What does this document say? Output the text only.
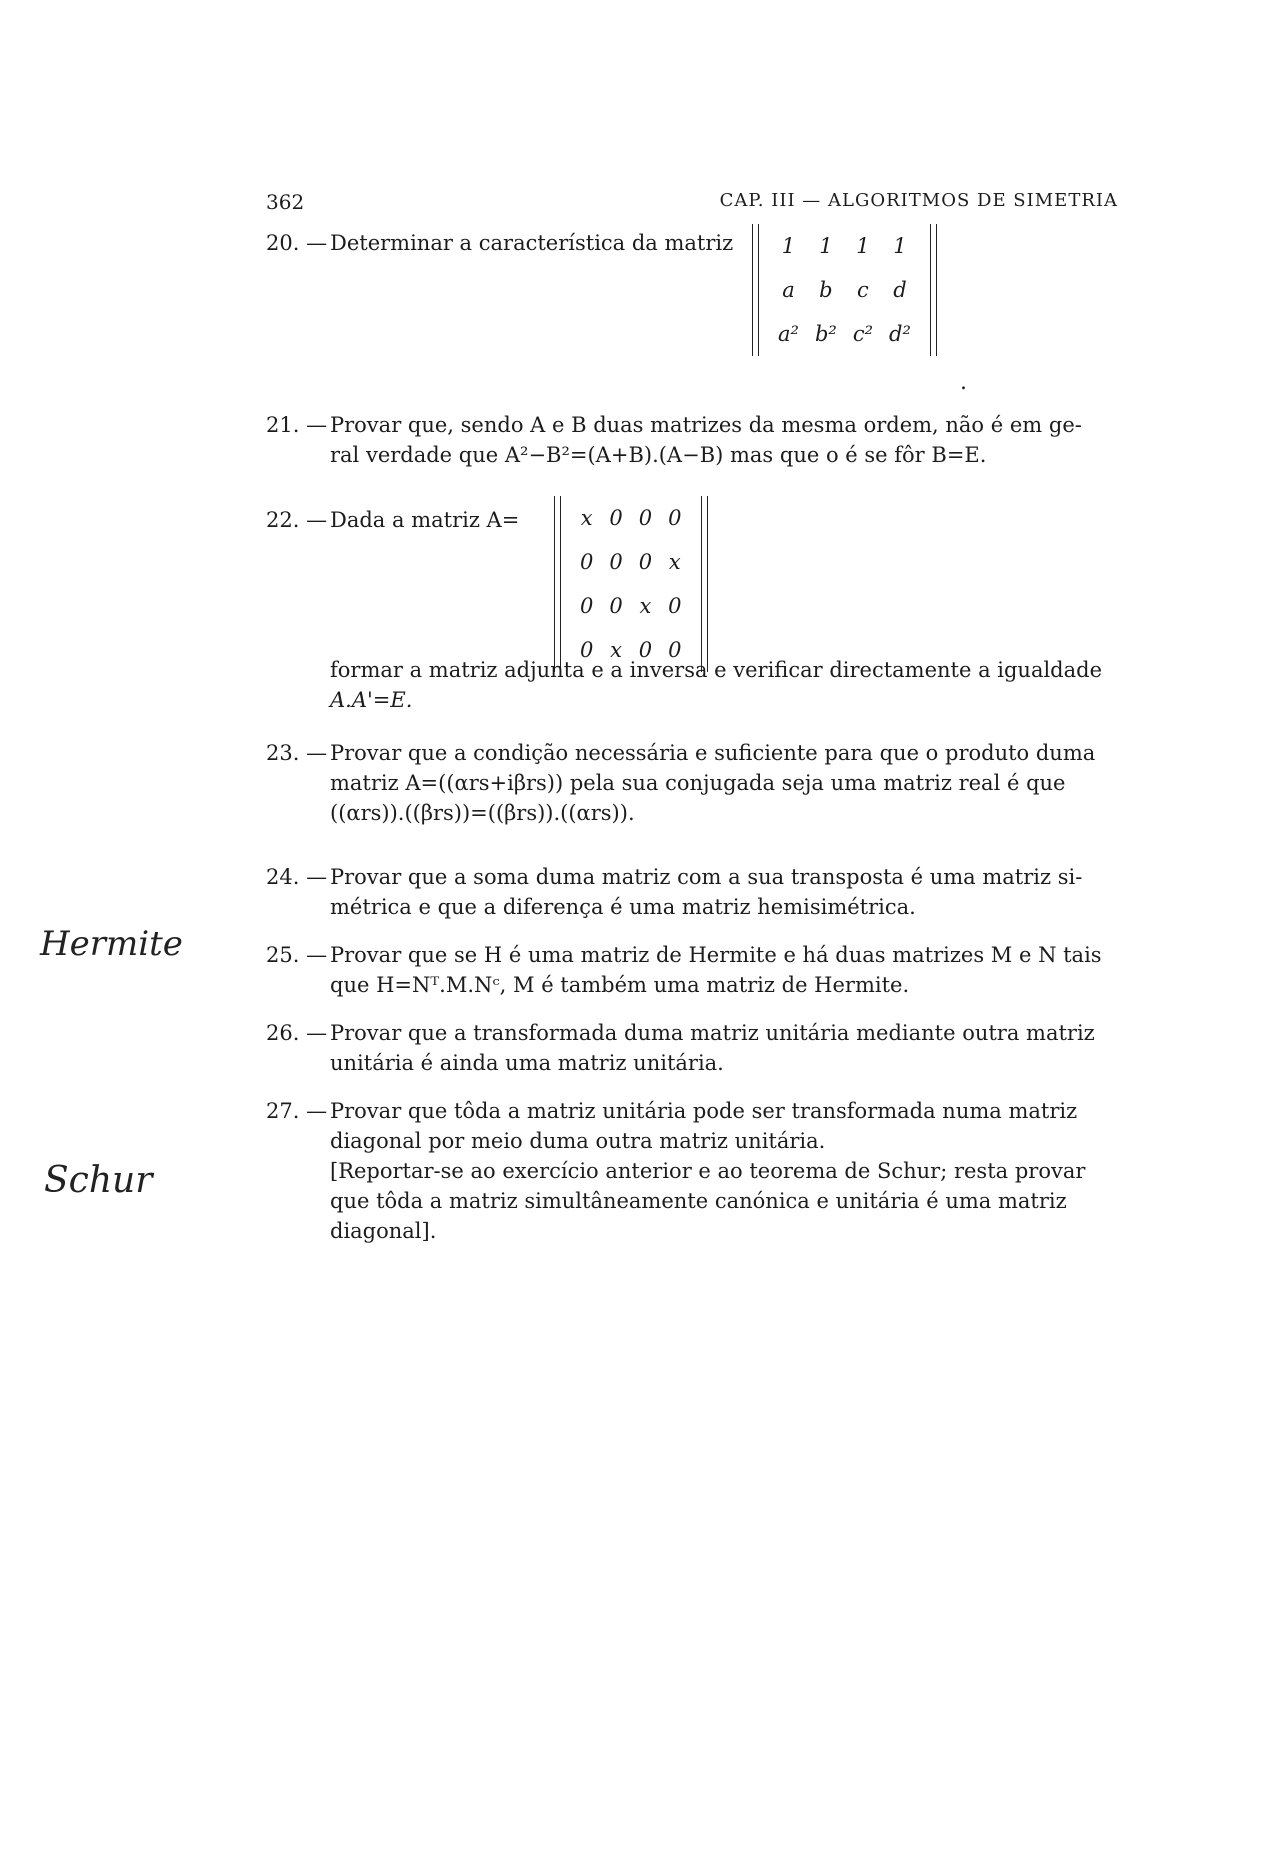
362	CAP. III — ALGORITMOS DE SIMETRIA
20. — Determinar a característica da matriz	1	1	1	1
a	b	c	d
a²	b²	c²	d²
.
21. — Provar que, sendo A e B duas matrizes da mesma ordem, não é em ge-
ral verdade que A²−B²=(A+B).(A−B) mas que o é se fôr B=E.
22. — Dada a matriz A=	x	0	0	0
0	0	0	x
0	0	x	0
0	x	0	0
formar a matriz adjunta e a inversa e verificar directamente a igualdade
A.A'=E.
23. — Provar que a condição necessária e suficiente para que o produto duma
matriz A=((αrs+iβrs)) pela sua conjugada seja uma matriz real é que
((αrs)).((βrs))=((βrs)).((αrs)).
24. — Provar que a soma duma matriz com a sua transposta é uma matriz si-
métrica e que a diferença é uma matriz hemisimétrica.
25. — Provar que se H é uma matriz de Hermite e há duas matrizes M e N tais
que H=Nᵀ.M.Nᶜ, M é também uma matriz de Hermite.
26. — Provar que a transformada duma matriz unitária mediante outra matriz
unitária é ainda uma matriz unitária.
27. — Provar que tôda a matriz unitária pode ser transformada numa matriz
diagonal por meio duma outra matriz unitária.
[Reportar-se ao exercício anterior e ao teorema de Schur; resta provar
que tôda a matriz simultâneamente canónica e unitária é uma matriz
diagonal].
Hermite
Schur
